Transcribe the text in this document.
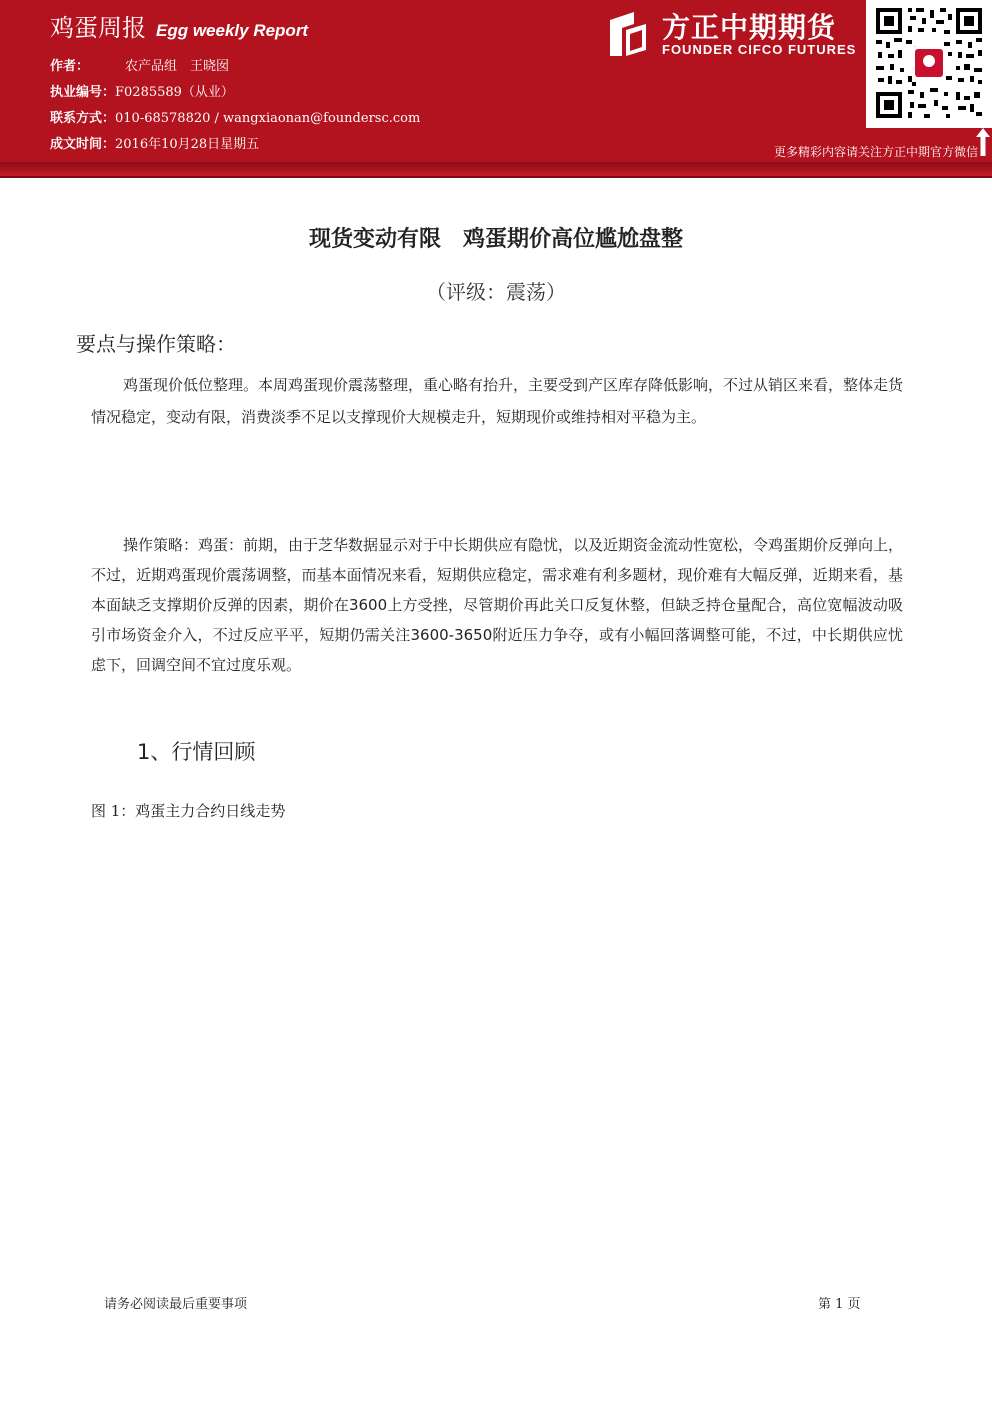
鸡蛋周报 Egg weekly Report
作者：	农产品组　王晓囡
执业编号：F0285589（从业）
联系方式：010-68578820 / wangxiaonan@foundersc.com
成文时间：2016年10月28日星期五
方正中期期货
FOUNDER CIFCO FUTURES
更多精彩内容请关注方正中期官方微信
现货变动有限　鸡蛋期价高位尴尬盘整
（评级：震荡）
要点与操作策略：
鸡蛋现价低位整理。本周鸡蛋现价震荡整理，重心略有抬升，主要受到产区库存降低影响，不过从销区来看，整体走货情况稳定，变动有限，消费淡季不足以支撑现价大规模走升，短期现价或维持相对平稳为主。
操作策略：鸡蛋：前期，由于芝华数据显示对于中长期供应有隐忧，以及近期资金流动性宽松，令鸡蛋期价反弹向上，不过，近期鸡蛋现价震荡调整，而基本面情况来看，短期供应稳定，需求难有利多题材，现价难有大幅反弹，近期来看，基本面缺乏支撑期价反弹的因素，期价在3600上方受挫，尽管期价再此关口反复休整，但缺乏持仓量配合，高位宽幅波动吸引市场资金介入，不过反应平平，短期仍需关注3600-3650附近压力争夺，或有小幅回落调整可能，不过，中长期供应忧虑下，回调空间不宜过度乐观。
1、行情回顾
图 1：鸡蛋主力合约日线走势
请务必阅读最后重要事项	第 1 页
